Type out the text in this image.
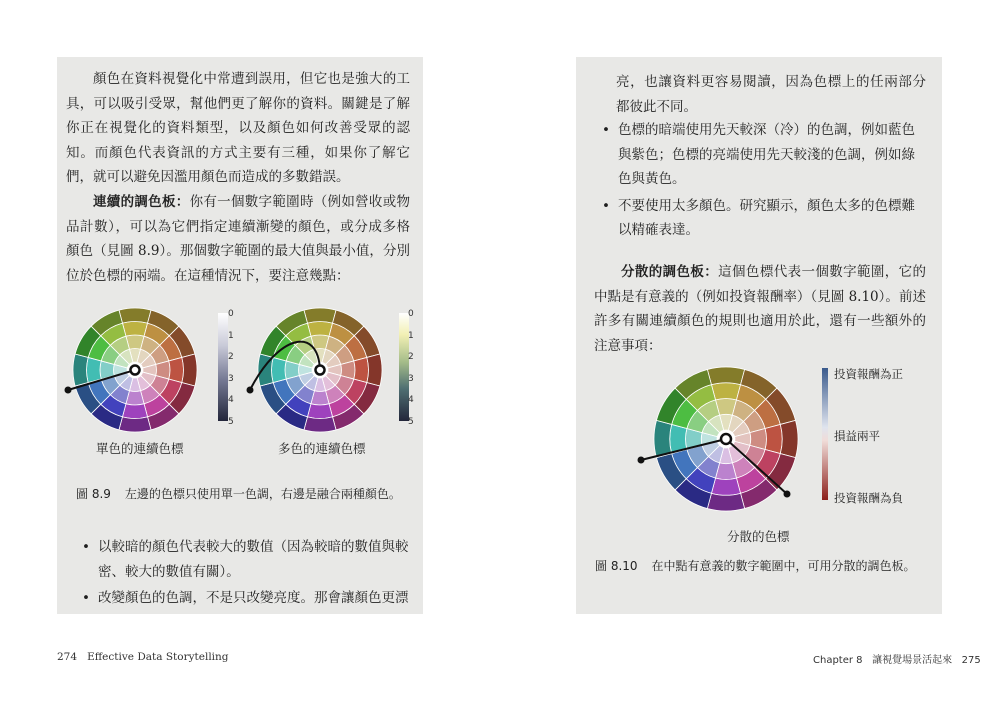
顏色在資料視覺化中常遭到誤用，但它也是強大的工具，可以吸引受眾，幫他們更了解你的資料。關鍵是了解你正在視覺化的資料類型，以及顏色如何改善受眾的認知。而顏色代表資訊的方式主要有三種，如果你了解它們，就可以避免因濫用顏色而造成的多數錯誤。
連續的調色板：你有一個數字範圍時（例如營收或物品計數），可以為它們指定連續漸變的顏色，或分成多格顏色（見圖 8.9）。那個數字範圍的最大值與最小值，分別位於色標的兩端。在這種情況下，要注意幾點：
0
1
2
3
4
5
0
1
2
3
4
5
單色的連續色標	多色的連續色標
圖 8.9 左邊的色標只使用單一色調，右邊是融合兩種顏色。
• 以較暗的顏色代表較大的數值（因為較暗的數值與較密、較大的數值有關）。
• 改變顏色的色調，不是只改變亮度。那會讓顏色更漂
亮，也讓資料更容易閱讀，因為色標上的任兩部分都彼此不同。
• 色標的暗端使用先天較深（冷）的色調，例如藍色與紫色；色標的亮端使用先天較淺的色調，例如綠色與黃色。
• 不要使用太多顏色。研究顯示，顏色太多的色標難以精確表達。
分散的調色板：這個色標代表一個數字範圍，它的中點是有意義的（例如投資報酬率）（見圖 8.10）。前述許多有關連續顏色的規則也適用於此，還有一些額外的注意事項：
投資報酬為正
損益兩平
投資報酬為負
分散的色標
圖 8.10 在中點有意義的數字範圍中，可用分散的調色板。
274 Effective Data Storytelling	Chapter 8 讓視覺場景活起來 275
